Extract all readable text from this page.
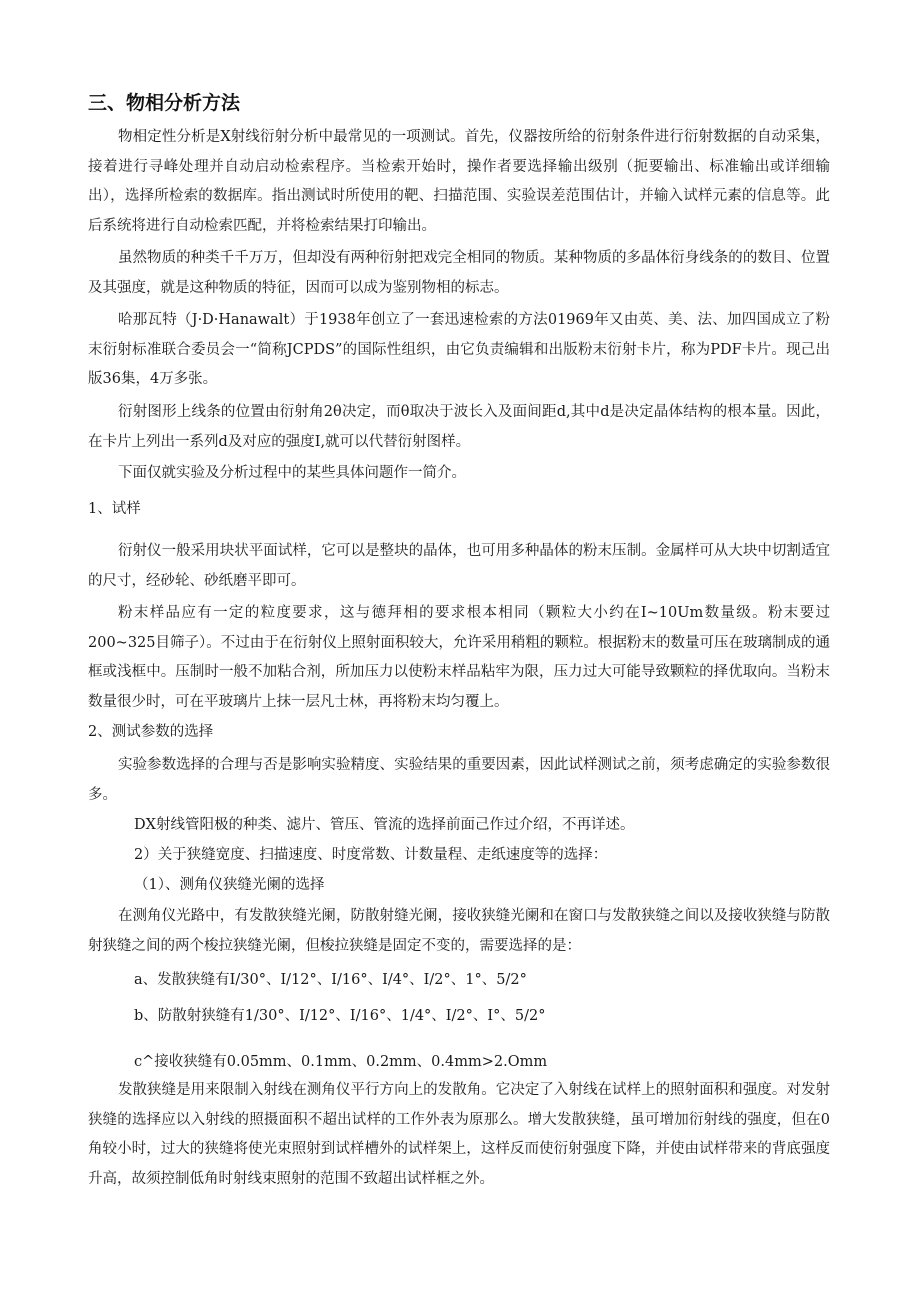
三、物相分析方法

物相定性分析是X射线衍射分析中最常见的一项测试。首先，仪器按所给的衍射条件进行衍射数据的自动采集，接着进行寻峰处理并自动启动检索程序。当检索开始时，操作者要选择输出级别（扼要输出、标准输出或详细输出），选择所检索的数据库。指出测试时所使用的靶、扫描范围、实验误差范围估计，并输入试样元素的信息等。此后系统将进行自动检索匹配，并将检索结果打印输出。

虽然物质的种类千千万万，但却没有两种衍射把戏完全相同的物质。某种物质的多晶体衍身线条的的数目、位置及其强度，就是这种物质的特征，因而可以成为鉴别物相的标志。

哈那瓦特（J·D·Hanawalt）于1938年创立了一套迅速检索的方法01969年又由英、美、法、加四国成立了粉末衍射标准联合委员会一“简称JCPDS”的国际性组织，由它负责编辑和出版粉末衍射卡片，称为PDF卡片。现己出版36集，4万多张。

衍射图形上线条的位置由衍射角2θ决定，而θ取决于波长入及面间距d,其中d是决定晶体结构的根本量。因此，在卡片上列出一系列d及对应的强度I,就可以代替衍射图样。

下面仅就实验及分析过程中的某些具体问题作一简介。

1、试样

衍射仪一般采用块状平面试样，它可以是整块的晶体，也可用多种晶体的粉末压制。金属样可从大块中切割适宜的尺寸，经砂轮、砂纸磨平即可。

粉末样品应有一定的粒度要求，这与德拜相的要求根本相同（颗粒大小约在I~10Um数量级。粉末要过200~325目筛子）。不过由于在衍射仪上照射面积较大，允许采用稍粗的颗粒。根据粉末的数量可压在玻璃制成的通框或浅框中。压制时一般不加粘合剂，所加压力以使粉末样品粘牢为限，压力过大可能导致颗粒的择优取向。当粉末数量很少时，可在平玻璃片上抹一层凡士林，再将粉末均匀覆上。

2、测试参数的选择

实验参数选择的合理与否是影响实验精度、实验结果的重要因素，因此试样测试之前，须考虑确定的实验参数很多。

DX射线管阳极的种类、滤片、管压、管流的选择前面己作过介绍，不再详述。

2）关于狭缝宽度、扫描速度、时度常数、计数量程、走纸速度等的选择：

（1）、测角仪狭缝光阑的选择

在测角仪光路中，有发散狭缝光阑，防散射缝光阑，接收狭缝光阑和在窗口与发散狭缝之间以及接收狭缝与防散射狭缝之间的两个梭拉狭缝光阑，但梭拉狭缝是固定不变的，需要选择的是：

a、发散狭缝有I/30°、I/12°、I/16°、I/4°、I/2°、1°、5/2°

b、防散射狭缝有1/30°、I/12°、I/16°、1/4°、I/2°、I°、5/2°

c^接收狭缝有0.05mm、0.1mm、0.2mm、0.4mm>2.Omm

发散狭缝是用来限制入射线在测角仪平行方向上的发散角。它决定了入射线在试样上的照射面积和强度。对发射狭缝的选择应以入射线的照摄面积不超出试样的工作外表为原那么。增大发散狭缝，虽可增加衍射线的强度，但在0角较小时，过大的狭缝将使光束照射到试样槽外的试样架上，这样反而使衍射强度下降，并使由试样带来的背底强度升高，故须控制低角时射线束照射的范围不致超出试样框之外。
